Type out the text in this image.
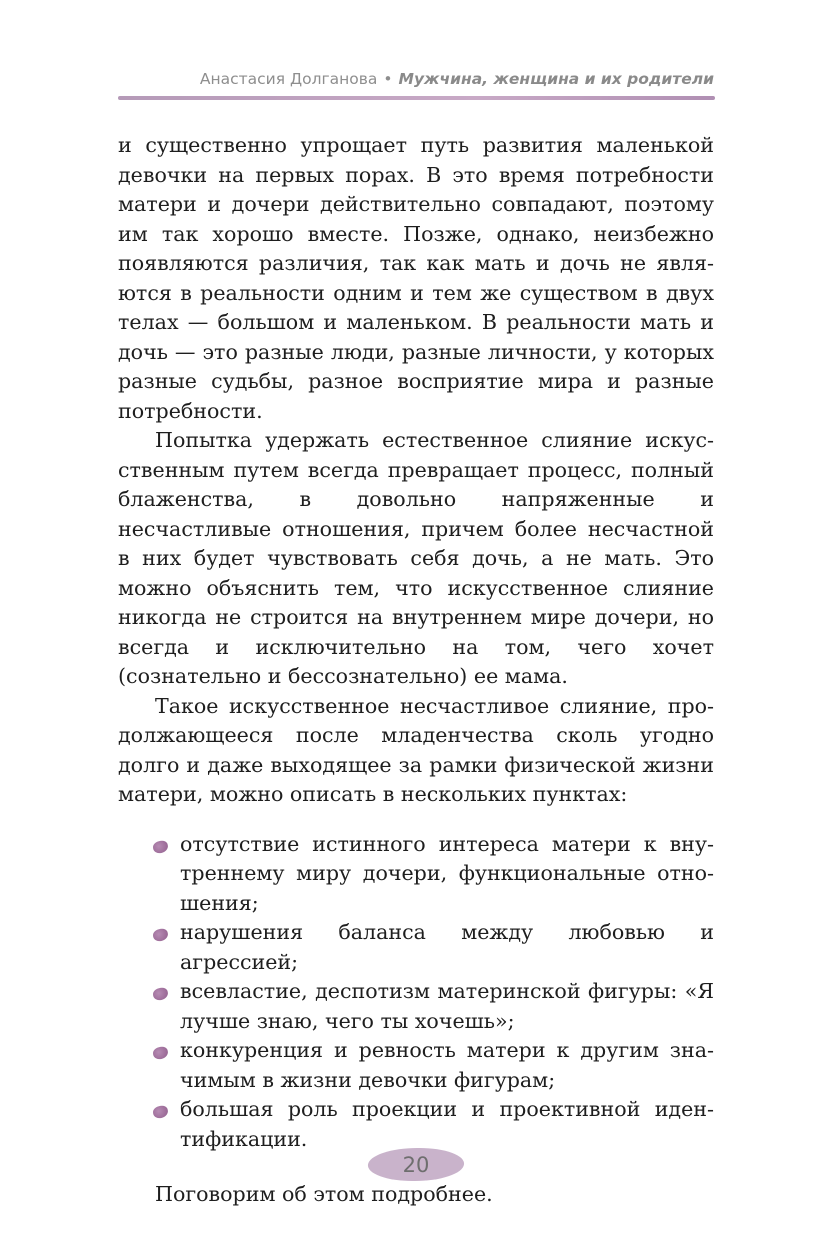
Анастасия Долганова • Мужчина, женщина и их родители

и существенно упрощает путь развития маленькой девочки на первых порах. В это время потребности матери и дочери действительно совпадают, поэтому им так хорошо вместе. Позже, однако, неизбежно появляются различия, так как мать и дочь не являются в реальности одним и тем же существом в двух телах — большом и маленьком. В реальности мать и дочь — это разные люди, разные личности, у которых разные судьбы, разное восприятие мира и разные потребности.

Попытка удержать естественное слияние искусственным путем всегда превращает процесс, полный блаженства, в довольно напряженные и несчастливые отношения, причем более несчастной в них будет чувствовать себя дочь, а не мать. Это можно объяснить тем, что искусственное слияние никогда не строится на внутреннем мире дочери, но всегда и исключительно на том, чего хочет (сознательно и бессознательно) ее мама.

Такое искусственное несчастливое слияние, продолжающееся после младенчества сколь угодно долго и даже выходящее за рамки физической жизни матери, можно описать в нескольких пунктах:

отсутствие истинного интереса матери к внутреннему миру дочери, функциональные отношения;
нарушения баланса между любовью и агрессией;
всевластие, деспотизм материнской фигуры: «Я лучше знаю, чего ты хочешь»;
конкуренция и ревность матери к другим значимым в жизни девочки фигурам;
большая роль проекции и проективной идентификации.

Поговорим об этом подробнее.

20
